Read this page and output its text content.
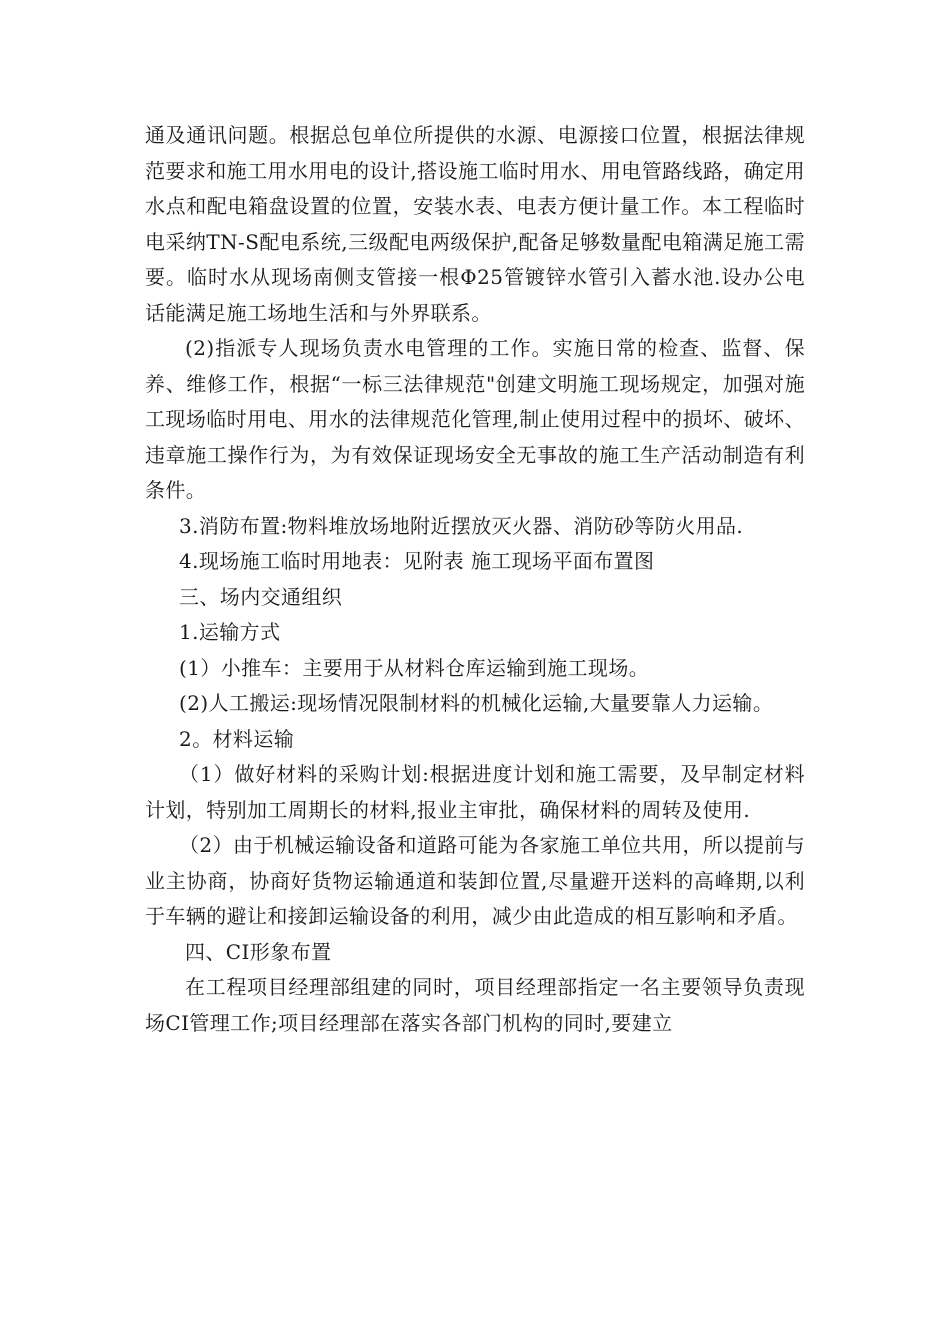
通及通讯问题。根据总包单位所提供的水源、电源接口位置，根据法律规范要求和施工用水用电的设计,搭设施工临时用水、用电管路线路，确定用水点和配电箱盘设置的位置，安装水表、电表方便计量工作。本工程临时电采纳TN-S配电系统,三级配电两级保护,配备足够数量配电箱满足施工需要。临时水从现场南侧支管接一根Φ25管镀锌水管引入蓄水池.设办公电话能满足施工场地生活和与外界联系。

(2)指派专人现场负责水电管理的工作。实施日常的检查、监督、保养、维修工作，根据“一标三法律规范"创建文明施工现场规定，加强对施工现场临时用电、用水的法律规范化管理,制止使用过程中的损坏、破坏、违章施工操作行为，为有效保证现场安全无事故的施工生产活动制造有利条件。

3.消防布置:物料堆放场地附近摆放灭火器、消防砂等防火用品.

4.现场施工临时用地表：见附表 施工现场平面布置图

三、场内交通组织

1.运输方式

(1）小推车：主要用于从材料仓库运输到施工现场。

(2)人工搬运:现场情况限制材料的机械化运输,大量要靠人力运输。

2。材料运输

（1）做好材料的采购计划:根据进度计划和施工需要，及早制定材料计划，特别加工周期长的材料,报业主审批，确保材料的周转及使用.

（2）由于机械运输设备和道路可能为各家施工单位共用，所以提前与业主协商，协商好货物运输通道和装卸位置,尽量避开送料的高峰期,以利于车辆的避让和接卸运输设备的利用，减少由此造成的相互影响和矛盾。

四、CI形象布置

在工程项目经理部组建的同时，项目经理部指定一名主要领导负责现场CI管理工作;项目经理部在落实各部门机构的同时,要建立
